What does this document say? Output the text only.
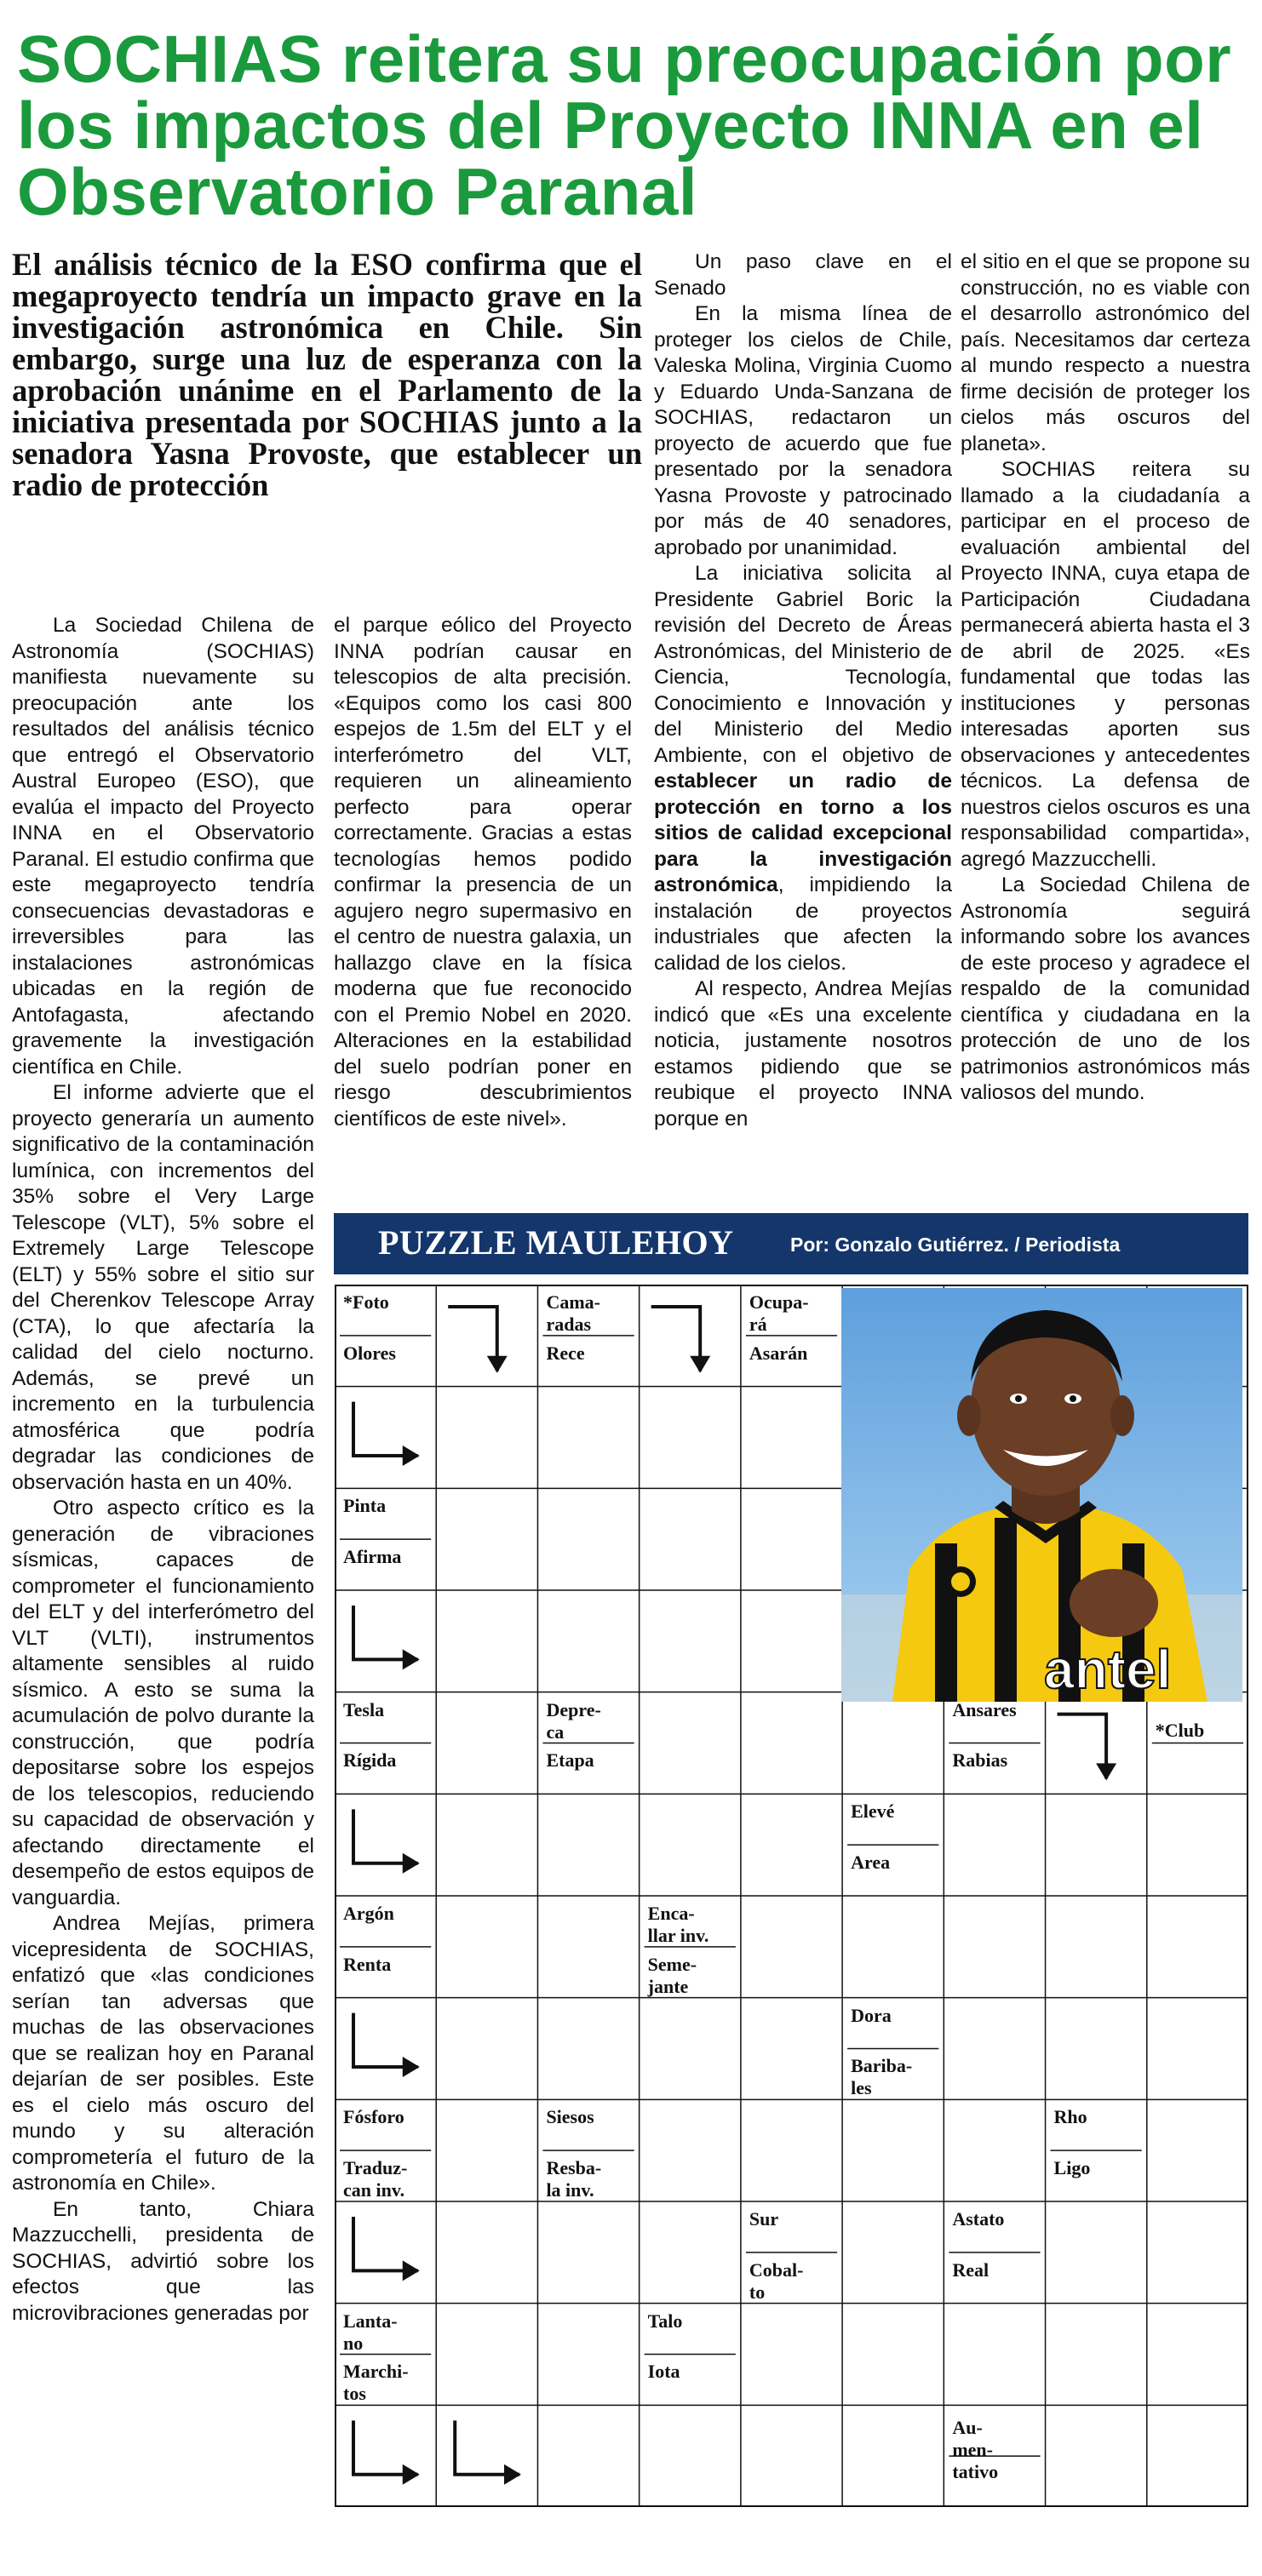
SOCHIAS reitera su preocupación por los impactos del Proyecto INNA en el Observatorio Paranal

El análisis técnico de la ESO confirma que el megaproyecto tendría un impacto grave en la investigación astronómica en Chile. Sin embargo, surge una luz de esperanza con la aprobación unánime en el Parlamento de la iniciativa presentada por SOCHIAS junto a la senadora Yasna Provoste, que establecer un radio de protección

La Sociedad Chilena de Astronomía (SOCHIAS) manifiesta nuevamente su preocupación ante los resultados del análisis técnico que entregó el Observatorio Austral Europeo (ESO), que evalúa el impacto del Proyecto INNA en el Observatorio Paranal. El estudio confirma que este megaproyecto tendría consecuencias devastadoras e irreversibles para las instalaciones astronómicas ubicadas en la región de Antofagasta, afectando gravemente la investigación científica en Chile.

El informe advierte que el proyecto generaría un aumento significativo de la contaminación lumínica, con incrementos del 35% sobre el Very Large Telescope (VLT), 5% sobre el Extremely Large Telescope (ELT) y 55% sobre el sitio sur del Cherenkov Telescope Array (CTA), lo que afectaría la calidad del cielo nocturno. Además, se prevé un incremento en la turbulencia atmosférica que podría degradar las condiciones de observación hasta en un 40%.

Otro aspecto crítico es la generación de vibraciones sísmicas, capaces de comprometer el funcionamiento del ELT y del interferómetro del VLT (VLTI), instrumentos altamente sensibles al ruido sísmico. A esto se suma la acumulación de polvo durante la construcción, que podría depositarse sobre los espejos de los telescopios, reduciendo su capacidad de observación y afectando directamente el desempeño de estos equipos de vanguardia.

Andrea Mejías, primera vicepresidenta de SOCHIAS, enfatizó que «las condiciones serían tan adversas que muchas de las observaciones que se realizan hoy en Paranal dejarían de ser posibles. Este es el cielo más oscuro del mundo y su alteración comprometería el futuro de la astronomía en Chile».

En tanto, Chiara Mazzucchelli, presidenta de SOCHIAS, advirtió sobre los efectos que las microvibraciones generadas por

el parque eólico del Proyecto INNA podrían causar en telescopios de alta precisión. «Equipos como los casi 800 espejos de 1.5m del ELT y el interferómetro del VLT, requieren un alineamiento perfecto para operar correctamente. Gracias a estas tecnologías hemos podido confirmar la presencia de un agujero negro supermasivo en el centro de nuestra galaxia, un hallazgo clave en la física moderna que fue reconocido con el Premio Nobel en 2020. Alteraciones en la estabilidad del suelo podrían poner en riesgo descubrimientos científicos de este nivel».

Un paso clave en el Senado

En la misma línea de proteger los cielos de Chile, Valeska Molina, Virginia Cuomo y Eduardo Unda-Sanzana de SOCHIAS, redactaron un proyecto de acuerdo que fue presentado por la senadora Yasna Provoste y patrocinado por más de 40 senadores, aprobado por unanimidad.

La iniciativa solicita al Presidente Gabriel Boric la revisión del Decreto de Áreas Astronómicas, del Ministerio de Ciencia, Tecnología, Conocimiento e Innovación y del Ministerio del Medio Ambiente, con el objetivo de establecer un radio de protección en torno a los sitios de calidad excepcional para la investigación astronómica, impidiendo la instalación de proyectos industriales que afecten la calidad de los cielos.

Al respecto, Andrea Mejías indicó que «Es una excelente noticia, justamente nosotros estamos pidiendo que se reubique el proyecto INNA porque en

el sitio en el que se propone su construcción, no es viable con el desarrollo astronómico del país. Necesitamos dar certeza al mundo respecto a nuestra firme decisión de proteger los cielos más oscuros del planeta».

SOCHIAS reitera su llamado a la ciudadanía a participar en el proceso de evaluación ambiental del Proyecto INNA, cuya etapa de Participación Ciudadana permanecerá abierta hasta el 3 de abril de 2025. «Es fundamental que todas las instituciones y personas interesadas aporten sus observaciones y antecedentes técnicos. La defensa de nuestros cielos oscuros es una responsabilidad compartida», agregó Mazzucchelli.

La Sociedad Chilena de Astronomía seguirá informando sobre los avances de este proceso y agradece el respaldo de la comunidad científica y ciudadana en la protección de uno de los patrimonios astronómicos más valiosos del mundo.

PUZZLE MAULEHOY	Por: Gonzalo Gutiérrez. / Periodista
antel
*Foto
Olores
Cama-
radas
Rece
Ocupa-
rá
Asarán
Pinta
Afirma
Tesla
Rígida
Depre-
ca
Etapa
Ansares
Rabias
*Club
Elevé
Area
Argón
Renta
Enca-
llar inv.
Seme-
jante
Dora
Bariba-
les
Fósforo
Traduz-
can inv.
Siesos
Resba-
la inv.
Rho
Ligo
Sur
Cobal-
to
Astato
Real
Lanta-
no
Marchi-
tos
Talo
Iota
Au-
men-
tativo
